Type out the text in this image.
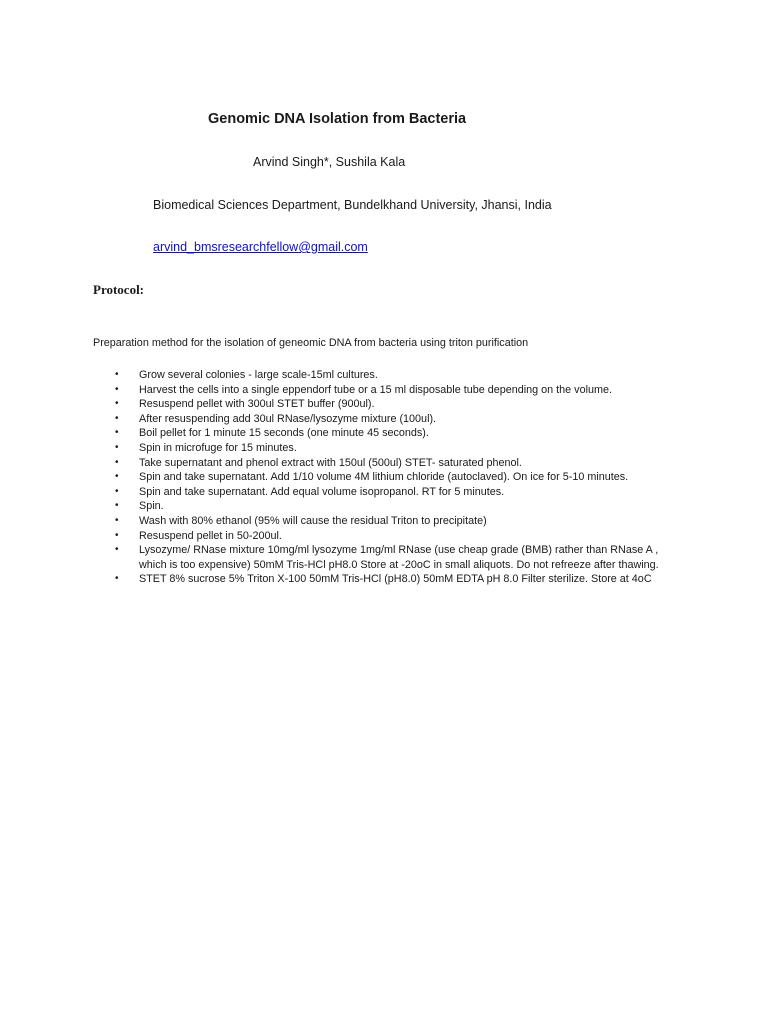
Genomic DNA Isolation from Bacteria
Arvind Singh*, Sushila Kala
Biomedical Sciences Department, Bundelkhand University, Jhansi, India
arvind_bmsresearchfellow@gmail.com
Protocol:
Preparation method for the isolation of geneomic DNA from bacteria using triton purification
• Grow several colonies - large scale-15ml cultures.
• Harvest the cells into a single eppendorf tube or a 15 ml disposable tube depending on the volume.
• Resuspend pellet with 300ul STET buffer (900ul).
• After resuspending add 30ul RNase/lysozyme mixture (100ul).
• Boil pellet for 1 minute 15 seconds (one minute 45 seconds).
• Spin in microfuge for 15 minutes.
• Take supernatant and phenol extract with 150ul (500ul) STET- saturated phenol.
• Spin and take supernatant. Add 1/10 volume 4M lithium chloride (autoclaved). On ice for 5-10 minutes.
• Spin and take supernatant. Add equal volume isopropanol. RT for 5 minutes.
• Spin.
• Wash with 80% ethanol (95% will cause the residual Triton to precipitate)
• Resuspend pellet in 50-200ul.
• Lysozyme/ RNase mixture 10mg/ml lysozyme 1mg/ml RNase (use cheap grade (BMB) rather than RNase A , which is too expensive) 50mM Tris-HCl pH8.0 Store at -20oC in small aliquots. Do not refreeze after thawing.
• STET 8% sucrose 5% Triton X-100 50mM Tris-HCl (pH8.0) 50mM EDTA pH 8.0 Filter sterilize. Store at 4oC
